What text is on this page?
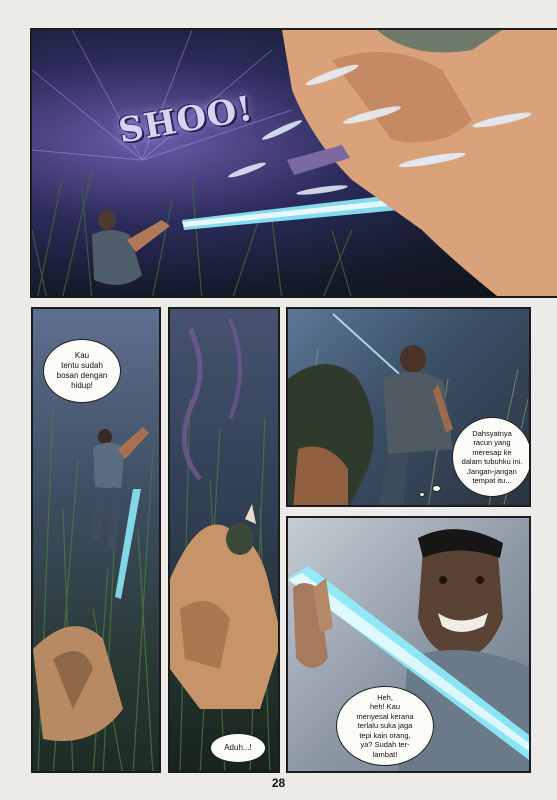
SHOO!
Kau
tentu sudah
bosan dengan
hidup!
Aduh...!
Dahsyatnya
racun yang
meresap ke
dalam tubuhku ini.
Jangan-jangan
tempat itu...
Heh,
heh! Kau
menyesal kerana
terlalu suka jaga
tepi kain orang,
ya? Sudah ter-
lambat!
28
